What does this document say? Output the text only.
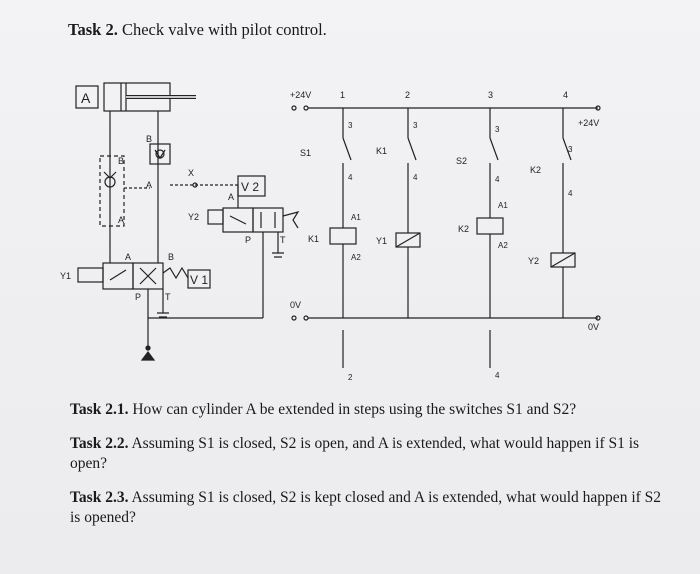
Task 2. Check valve with pilot control.
A
B
A
B
A
X
V 2
Y2
A
P	T
V 1
Y1
A	B
P	T
+24V	1	2	3	4
+24V
0V
0V
S1
3
4
K1
A1
A2
2
K1
3
4
Y1
S2
3
4
K2
A1
A2
4
K2
3
4
Y2
Task 2.1. How can cylinder A be extended in steps using the switches S1 and S2?
Task 2.2. Assuming S1 is closed, S2 is open, and A is extended, what would happen if S1 is open?
Task 2.3. Assuming S1 is closed, S2 is kept closed and A is extended, what would happen if S2 is opened?
